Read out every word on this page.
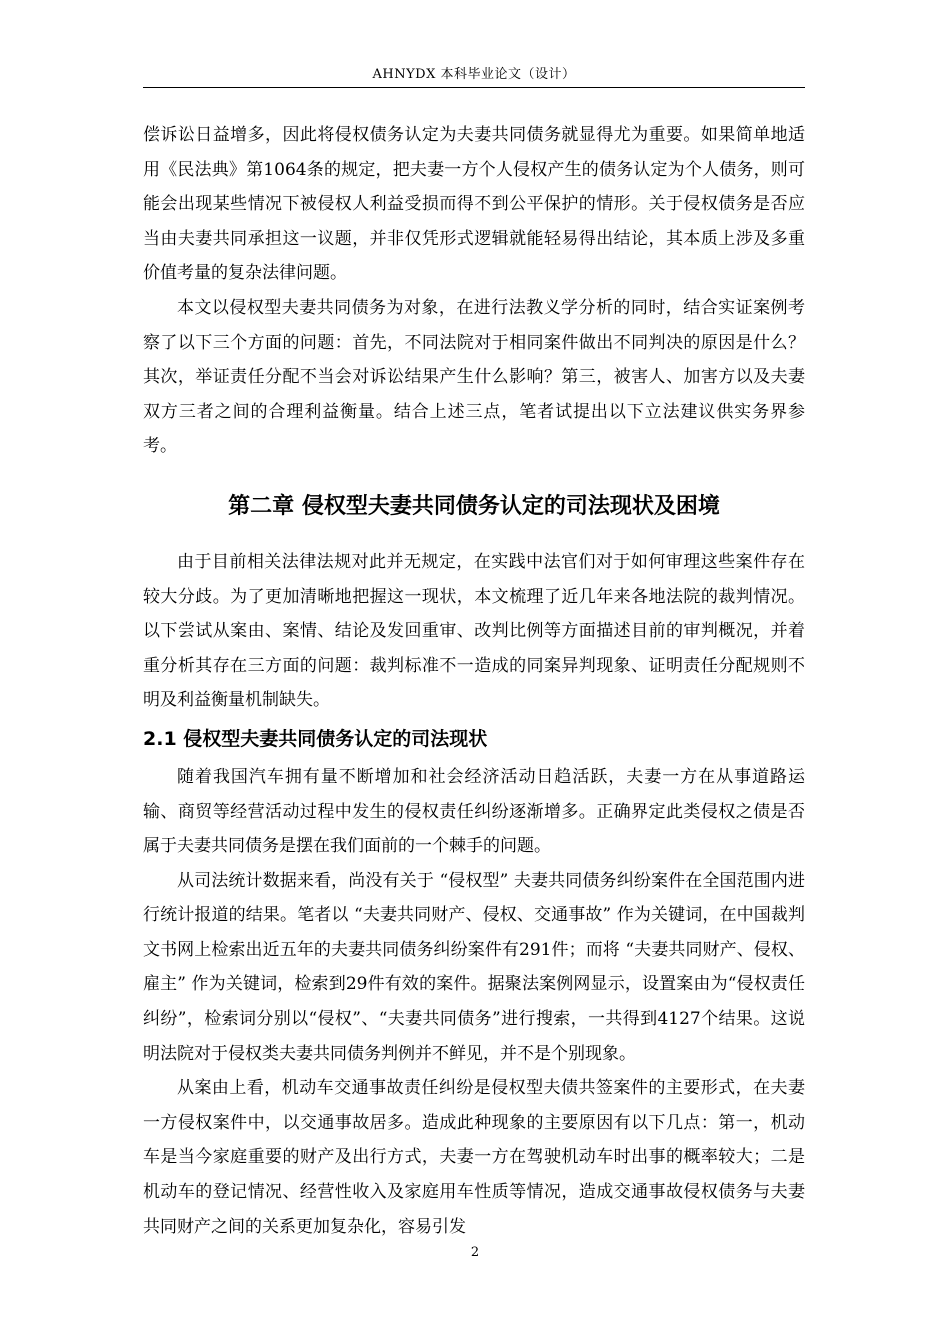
AHNYDX 本科毕业论文（设计）

偿诉讼日益增多，因此将侵权债务认定为夫妻共同债务就显得尤为重要。如果简单地适用《民法典》第1064条的规定，把夫妻一方个人侵权产生的债务认定为个人债务，则可能会出现某些情况下被侵权人利益受损而得不到公平保护的情形。关于侵权债务是否应当由夫妻共同承担这一议题，并非仅凭形式逻辑就能轻易得出结论，其本质上涉及多重价值考量的复杂法律问题。

本文以侵权型夫妻共同债务为对象，在进行法教义学分析的同时，结合实证案例考察了以下三个方面的问题：首先，不同法院对于相同案件做出不同判决的原因是什么？其次，举证责任分配不当会对诉讼结果产生什么影响？第三，被害人、加害方以及夫妻双方三者之间的合理利益衡量。结合上述三点，笔者试提出以下立法建议供实务界参考。

第二章 侵权型夫妻共同债务认定的司法现状及困境

由于目前相关法律法规对此并无规定，在实践中法官们对于如何审理这些案件存在较大分歧。为了更加清晰地把握这一现状，本文梳理了近几年来各地法院的裁判情况。以下尝试从案由、案情、结论及发回重审、改判比例等方面描述目前的审判概况，并着重分析其存在三方面的问题：裁判标准不一造成的同案异判现象、证明责任分配规则不明及利益衡量机制缺失。

2.1 侵权型夫妻共同债务认定的司法现状

随着我国汽车拥有量不断增加和社会经济活动日趋活跃，夫妻一方在从事道路运输、商贸等经营活动过程中发生的侵权责任纠纷逐渐增多。正确界定此类侵权之债是否属于夫妻共同债务是摆在我们面前的一个棘手的问题。

从司法统计数据来看，尚没有关于 “侵权型” 夫妻共同债务纠纷案件在全国范围内进行统计报道的结果。笔者以 “夫妻共同财产、侵权、交通事故” 作为关键词，在中国裁判文书网上检索出近五年的夫妻共同债务纠纷案件有291件；而将 “夫妻共同财产、侵权、雇主” 作为关键词，检索到29件有效的案件。据聚法案例网显示，设置案由为“侵权责任纠纷”，检索词分别以“侵权”、“夫妻共同债务”进行搜索，一共得到4127个结果。这说明法院对于侵权类夫妻共同债务判例并不鲜见，并不是个别现象。

从案由上看，机动车交通事故责任纠纷是侵权型夫债共签案件的主要形式，在夫妻一方侵权案件中，以交通事故居多。造成此种现象的主要原因有以下几点：第一，机动车是当今家庭重要的财产及出行方式，夫妻一方在驾驶机动车时出事的概率较大；二是机动车的登记情况、经营性收入及家庭用车性质等情况，造成交通事故侵权债务与夫妻共同财产之间的关系更加复杂化，容易引发

2
